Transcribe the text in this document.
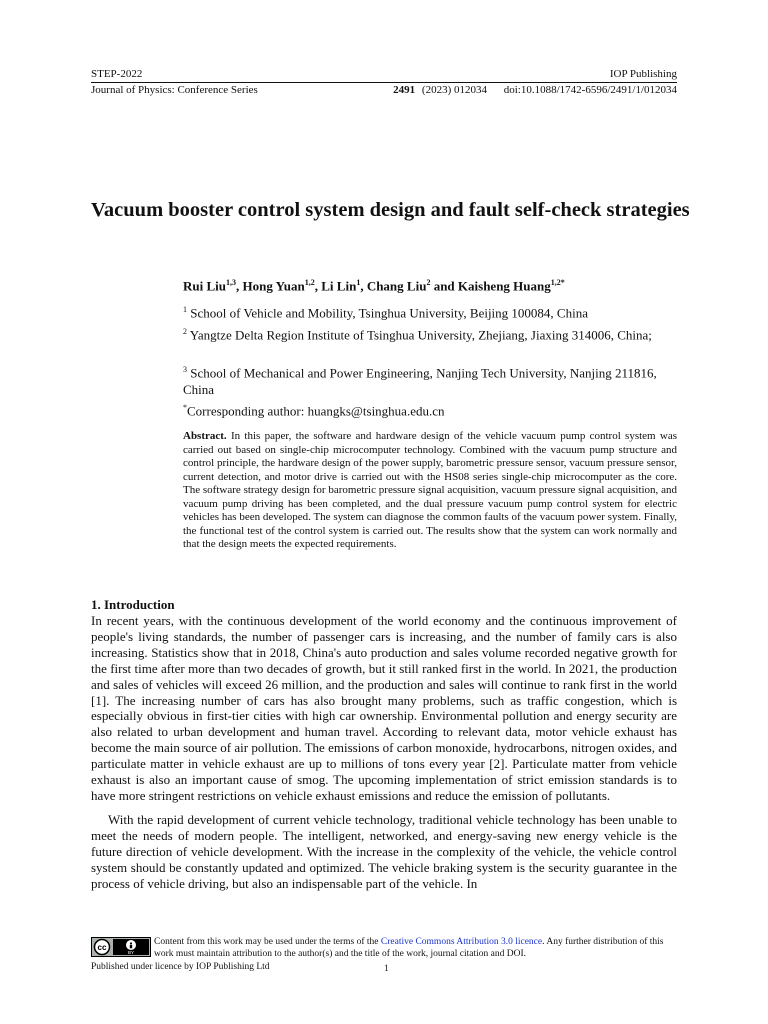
STEP-2022	IOP Publishing
Journal of Physics: Conference Series	2491 (2023) 012034 doi:10.1088/1742-6596/2491/1/012034
Vacuum booster control system design and fault self-check strategies
Rui Liu$^{1,3}$, Hong Yuan$^{1,2}$, Li Lin$^1$, Chang Liu$^2$ and Kaisheng Huang$^{1,2*}$
$^1$ School of Vehicle and Mobility, Tsinghua University, Beijing 100084, China
$^2$ Yangtze Delta Region Institute of Tsinghua University, Zhejiang, Jiaxing 314006, China;
$^3$ School of Mechanical and Power Engineering, Nanjing Tech University, Nanjing 211816, China
*Corresponding author: huangks@tsinghua.edu.cn
Abstract. In this paper, the software and hardware design of the vehicle vacuum pump control system was carried out based on single-chip microcomputer technology. Combined with the vacuum pump structure and control principle, the hardware design of the power supply, barometric pressure sensor, vacuum pressure sensor, current detection, and motor drive is carried out with the HS08 series single-chip microcomputer as the core. The software strategy design for barometric pressure signal acquisition, vacuum pressure signal acquisition, and vacuum pump driving has been completed, and the dual pressure vacuum pump control system for electric vehicles has been developed. The system can diagnose the common faults of the vacuum power system. Finally, the functional test of the control system is carried out. The results show that the system can work normally and that the design meets the expected requirements.
1. Introduction
In recent years, with the continuous development of the world economy and the continuous improvement of people's living standards, the number of passenger cars is increasing, and the number of family cars is also increasing. Statistics show that in 2018, China's auto production and sales volume recorded negative growth for the first time after more than two decades of growth, but it still ranked first in the world. In 2021, the production and sales of vehicles will exceed 26 million, and the production and sales will continue to rank first in the world [1]. The increasing number of cars has also brought many problems, such as traffic congestion, which is especially obvious in first-tier cities with high car ownership. Environmental pollution and energy security are also related to urban development and human travel. According to relevant data, motor vehicle exhaust has become the main source of air pollution. The emissions of carbon monoxide, hydrocarbons, nitrogen oxides, and particulate matter in vehicle exhaust are up to millions of tons every year [2]. Particulate matter from vehicle exhaust is also an important cause of smog. The upcoming implementation of strict emission standards is to have more stringent restrictions on vehicle exhaust emissions and reduce the emission of pollutants.
With the rapid development of current vehicle technology, traditional vehicle technology has been unable to meet the needs of modern people. The intelligent, networked, and energy-saving new energy vehicle is the future direction of vehicle development. With the increase in the complexity of the vehicle, the vehicle control system should be constantly updated and optimized. The vehicle braking system is the security guarantee in the process of vehicle driving, but also an indispensable part of the vehicle. In
cc
BY
Content from this work may be used under the terms of the Creative Commons Attribution 3.0 licence. Any further distribution of this work must maintain attribution to the author(s) and the title of the work, journal citation and DOI.
Published under licence by IOP Publishing Ltd	1
